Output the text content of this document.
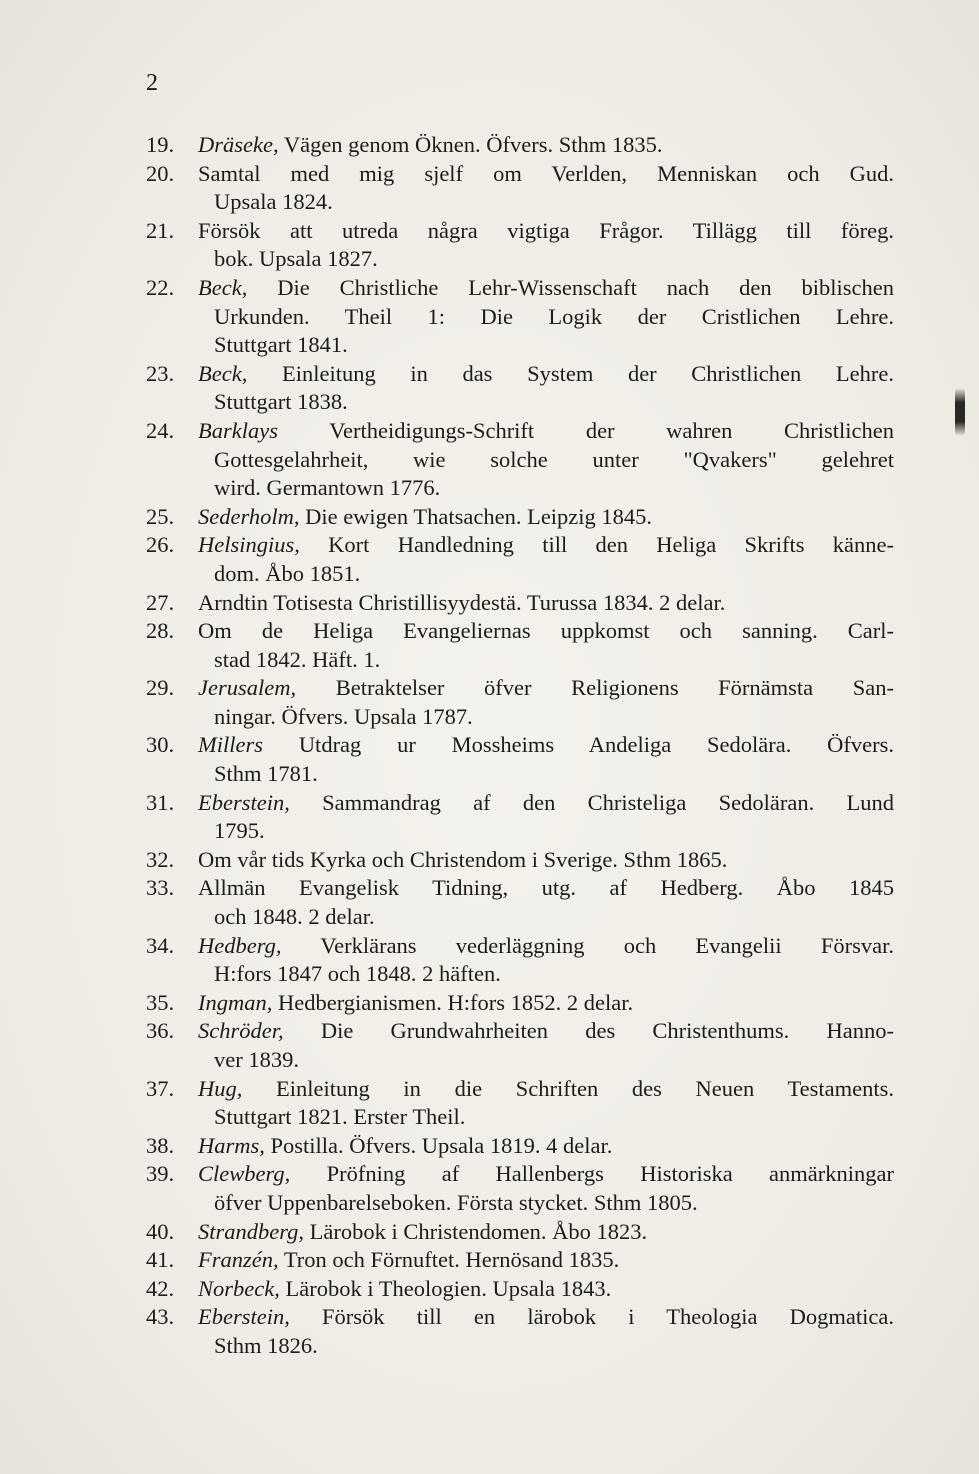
2
19. Dräseke, Vägen genom Öknen. Öfvers. Sthm 1835.
20. Samtal med mig sjelf om Verlden, Menniskan och Gud.
Upsala 1824.
21. Försök att utreda några vigtiga Frågor. Tillägg till föreg.
bok. Upsala 1827.
22. Beck, Die Christliche Lehr-Wissenschaft nach den biblischen
Urkunden. Theil 1: Die Logik der Cristlichen Lehre.
Stuttgart 1841.
23. Beck, Einleitung in das System der Christlichen Lehre.
Stuttgart 1838.
24. Barklays Vertheidigungs-Schrift der wahren Christlichen
Gottesgelahrheit, wie solche unter "Qvakers" gelehret
wird. Germantown 1776.
25. Sederholm, Die ewigen Thatsachen. Leipzig 1845.
26. Helsingius, Kort Handledning till den Heliga Skrifts känne-
dom. Åbo 1851.
27. Arndtin Totisesta Christillisyydestä. Turussa 1834. 2 delar.
28. Om de Heliga Evangeliernas uppkomst och sanning. Carl-
stad 1842. Häft. 1.
29. Jerusalem, Betraktelser öfver Religionens Förnämsta San-
ningar. Öfvers. Upsala 1787.
30. Millers Utdrag ur Mossheims Andeliga Sedolära. Öfvers.
Sthm 1781.
31. Eberstein, Sammandrag af den Christeliga Sedoläran. Lund
1795.
32. Om vår tids Kyrka och Christendom i Sverige. Sthm 1865.
33. Allmän Evangelisk Tidning, utg. af Hedberg. Åbo 1845
och 1848. 2 delar.
34. Hedberg, Verklärans vederläggning och Evangelii Försvar.
H:fors 1847 och 1848. 2 häften.
35. Ingman, Hedbergianismen. H:fors 1852. 2 delar.
36. Schröder, Die Grundwahrheiten des Christenthums. Hanno-
ver 1839.
37. Hug, Einleitung in die Schriften des Neuen Testaments.
Stuttgart 1821. Erster Theil.
38. Harms, Postilla. Öfvers. Upsala 1819. 4 delar.
39. Clewberg, Pröfning af Hallenbergs Historiska anmärkningar
öfver Uppenbarelseboken. Första stycket. Sthm 1805.
40. Strandberg, Lärobok i Christendomen. Åbo 1823.
41. Franzén, Tron och Förnuftet. Hernösand 1835.
42. Norbeck, Lärobok i Theologien. Upsala 1843.
43. Eberstein, Försök till en lärobok i Theologia Dogmatica.
Sthm 1826.
